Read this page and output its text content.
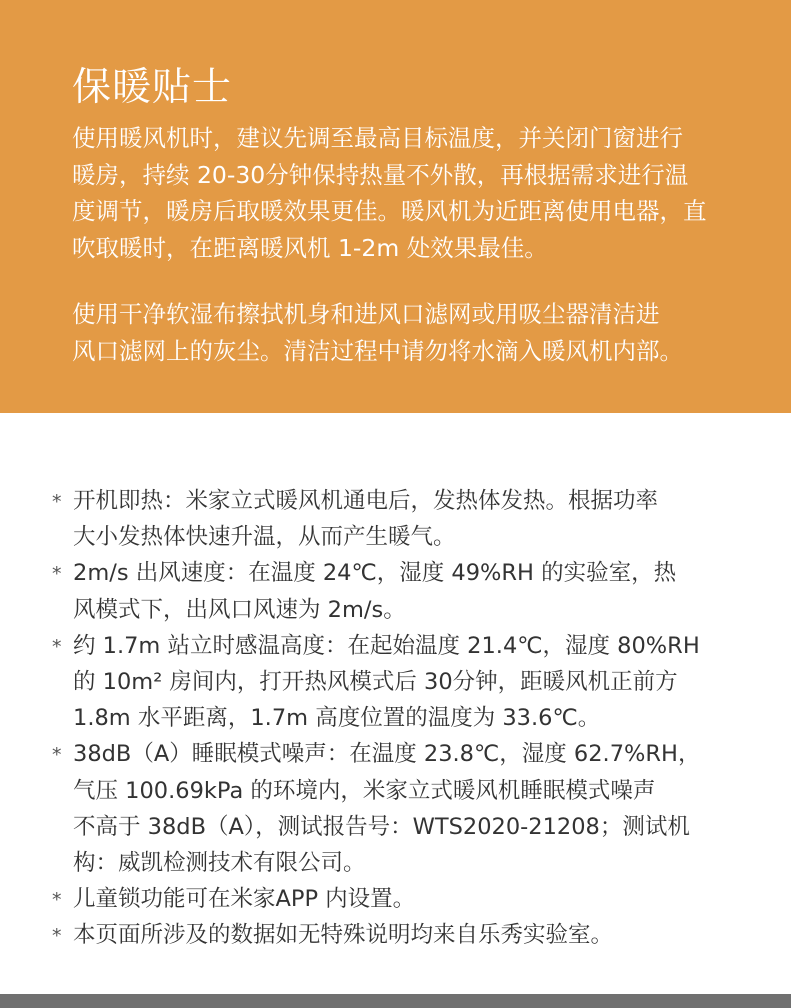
保暖贴士

使用暖风机时，建议先调至最高目标温度，并关闭门窗进行
暖房，持续 20-30分钟保持热量不外散，再根据需求进行温
度调节，暖房后取暖效果更佳。暖风机为近距离使用电器，直
吹取暖时，在距离暖风机 1-2m 处效果最佳。

使用干净软湿布擦拭机身和进风口滤网或用吸尘器清洁进
风口滤网上的灰尘。清洁过程中请勿将水滴入暖风机内部。

* 开机即热：米家立式暖风机通电后，发热体发热。根据功率
大小发热体快速升温，从而产生暖气。
* 2m/s 出风速度：在温度 24℃，湿度 49%RH 的实验室，热
风模式下，出风口风速为 2m/s。
* 约 1.7m 站立时感温高度：在起始温度 21.4℃，湿度 80%RH
的 10m² 房间内，打开热风模式后 30分钟，距暖风机正前方
1.8m 水平距离，1.7m 高度位置的温度为 33.6℃。
* 38dB（A）睡眠模式噪声：在温度 23.8℃，湿度 62.7%RH，
气压 100.69kPa 的环境内，米家立式暖风机睡眠模式噪声
不高于 38dB（A），测试报告号：WTS2020-21208；测试机
构：威凯检测技术有限公司。
* 儿童锁功能可在米家APP 内设置。
* 本页面所涉及的数据如无特殊说明均来自乐秀实验室。
